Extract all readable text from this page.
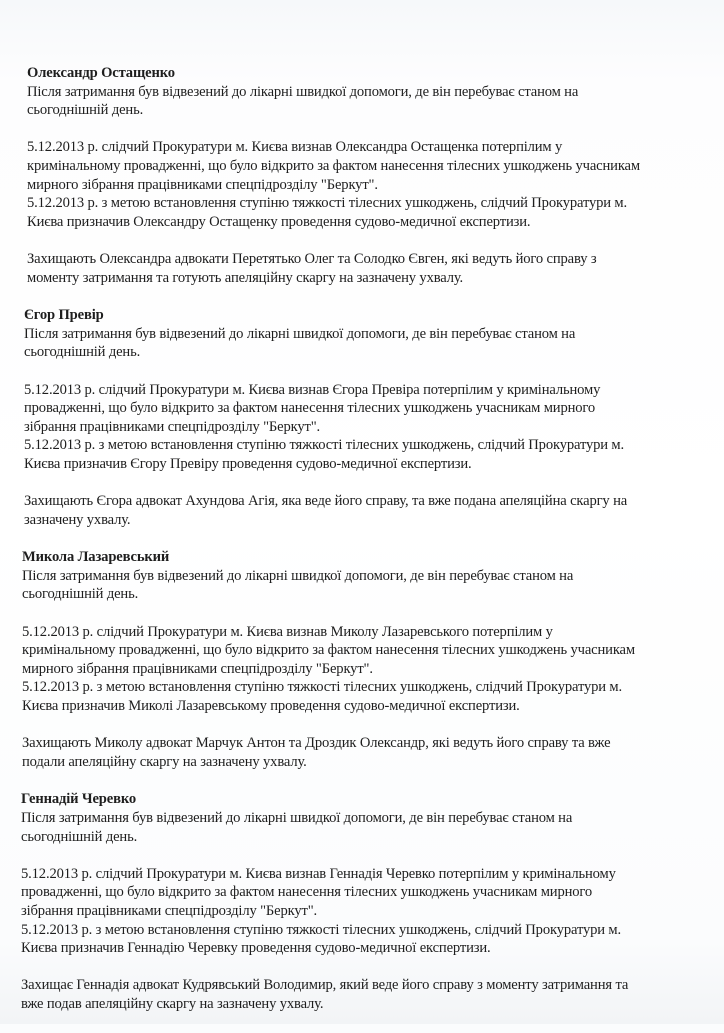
Олександр Остащенко
Після затримання був відвезений до лікарні швидкої допомоги, де він перебуває станом на
сьогоднішній день.
5.12.2013 р. слідчий Прокуратури м. Києва визнав Олександра Остащенка потерпілим у
кримінальному провадженні, що було відкрито за фактом нанесення тілесних ушкоджень учасникам
мирного зібрання працівниками спецпідрозділу "Беркут".
5.12.2013 р. з метою встановлення ступіню тяжкості тілесних ушкоджень, слідчий Прокуратури м.
Києва призначив Олександру Остащенку проведення судово-медичної експертизи.
Захищають Олександра адвокати Перетятько Олег та Солодко Євген, які ведуть його справу з
моменту затримання та готують апеляційну скаргу на зазначену ухвалу.
Єгор Превір
Після затримання був відвезений до лікарні швидкої допомоги, де він перебуває станом на
сьогоднішній день.
5.12.2013 р. слідчий Прокуратури м. Києва визнав Єгора Превіра потерпілим у кримінальному
провадженні, що було відкрито за фактом нанесення тілесних ушкоджень учасникам мирного
зібрання працівниками спецпідрозділу "Беркут".
5.12.2013 р. з метою встановлення ступіню тяжкості тілесних ушкоджень, слідчий Прокуратури м.
Києва призначив Єгору Превіру проведення судово-медичної експертизи.
Захищають Єгора адвокат Ахундова Агія, яка веде його справу, та вже подана апеляційна скаргу на
зазначену ухвалу.
Микола Лазаревський
Після затримання був відвезений до лікарні швидкої допомоги, де він перебуває станом на
сьогоднішній день.
5.12.2013 р. слідчий Прокуратури м. Києва визнав Миколу Лазаревського потерпілим у
кримінальному провадженні, що було відкрито за фактом нанесення тілесних ушкоджень учасникам
мирного зібрання працівниками спецпідрозділу "Беркут".
5.12.2013 р. з метою встановлення ступіню тяжкості тілесних ушкоджень, слідчий Прокуратури м.
Києва призначив Миколі Лазаревському проведення судово-медичної експертизи.
Захищають Миколу адвокат Марчук Антон та Дроздик Олександр, які ведуть його справу та вже
подали апеляційну скаргу на зазначену ухвалу.
Геннадій Черевко
Після затримання був відвезений до лікарні швидкої допомоги, де він перебуває станом на
сьогоднішній день.
5.12.2013 р. слідчий Прокуратури м. Києва визнав Геннадія Черевко потерпілим у кримінальному
провадженні, що було відкрито за фактом нанесення тілесних ушкоджень учасникам мирного
зібрання працівниками спецпідрозділу "Беркут".
5.12.2013 р. з метою встановлення ступіню тяжкості тілесних ушкоджень, слідчий Прокуратури м.
Києва призначив Геннадію Черевку проведення судово-медичної експертизи.
Захищає Геннадія адвокат Кудрявський Володимир, який веде його справу з моменту затримання та
вже подав апеляційну скаргу на зазначену ухвалу.
